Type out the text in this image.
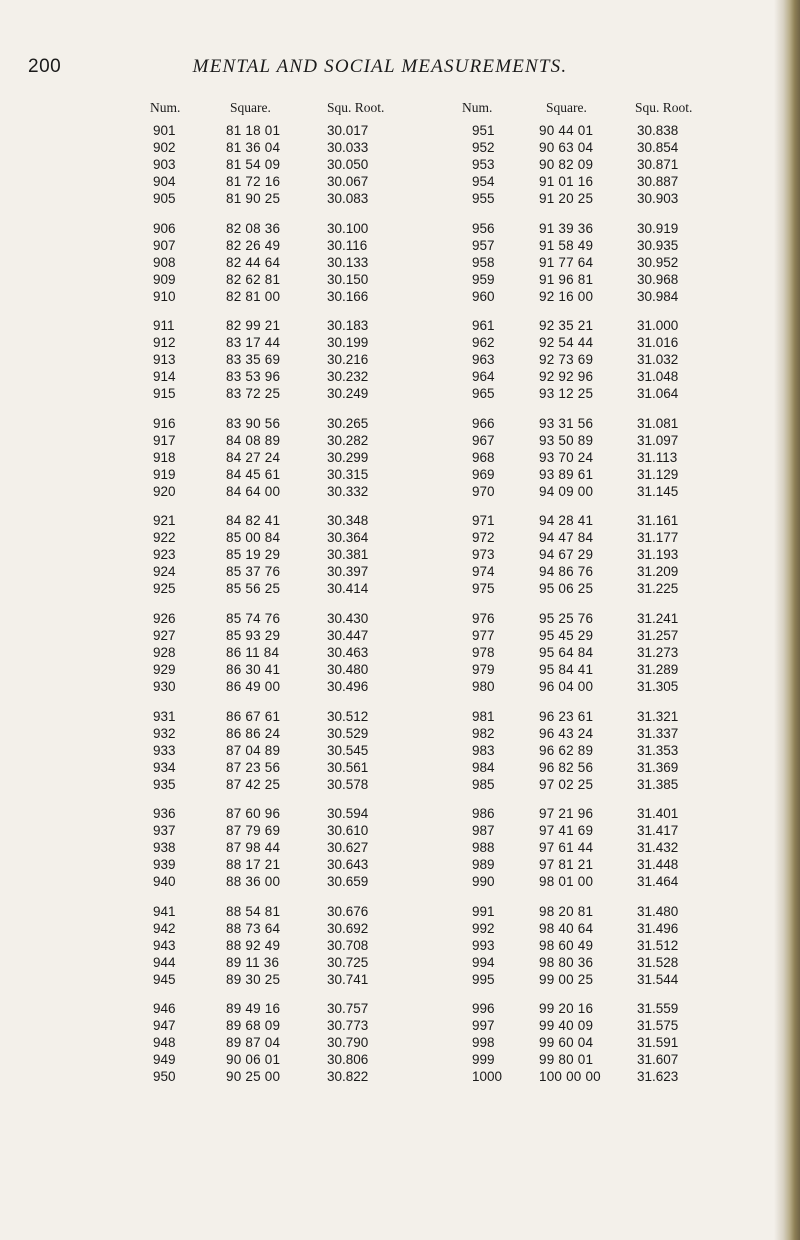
200	MENTAL AND SOCIAL MEASUREMENTS.
Num.	Square.	Squ. Root.	Num.	Square.	Squ. Root.
901	81 18 01	30.017	951	90 44 01	30.838
902	81 36 04	30.033	952	90 63 04	30.854
903	81 54 09	30.050	953	90 82 09	30.871
904	81 72 16	30.067	954	91 01 16	30.887
905	81 90 25	30.083	955	91 20 25	30.903
906	82 08 36	30.100	956	91 39 36	30.919
907	82 26 49	30.116	957	91 58 49	30.935
908	82 44 64	30.133	958	91 77 64	30.952
909	82 62 81	30.150	959	91 96 81	30.968
910	82 81 00	30.166	960	92 16 00	30.984
911	82 99 21	30.183	961	92 35 21	31.000
912	83 17 44	30.199	962	92 54 44	31.016
913	83 35 69	30.216	963	92 73 69	31.032
914	83 53 96	30.232	964	92 92 96	31.048
915	83 72 25	30.249	965	93 12 25	31.064
916	83 90 56	30.265	966	93 31 56	31.081
917	84 08 89	30.282	967	93 50 89	31.097
918	84 27 24	30.299	968	93 70 24	31.113
919	84 45 61	30.315	969	93 89 61	31.129
920	84 64 00	30.332	970	94 09 00	31.145
921	84 82 41	30.348	971	94 28 41	31.161
922	85 00 84	30.364	972	94 47 84	31.177
923	85 19 29	30.381	973	94 67 29	31.193
924	85 37 76	30.397	974	94 86 76	31.209
925	85 56 25	30.414	975	95 06 25	31.225
926	85 74 76	30.430	976	95 25 76	31.241
927	85 93 29	30.447	977	95 45 29	31.257
928	86 11 84	30.463	978	95 64 84	31.273
929	86 30 41	30.480	979	95 84 41	31.289
930	86 49 00	30.496	980	96 04 00	31.305
931	86 67 61	30.512	981	96 23 61	31.321
932	86 86 24	30.529	982	96 43 24	31.337
933	87 04 89	30.545	983	96 62 89	31.353
934	87 23 56	30.561	984	96 82 56	31.369
935	87 42 25	30.578	985	97 02 25	31.385
936	87 60 96	30.594	986	97 21 96	31.401
937	87 79 69	30.610	987	97 41 69	31.417
938	87 98 44	30.627	988	97 61 44	31.432
939	88 17 21	30.643	989	97 81 21	31.448
940	88 36 00	30.659	990	98 01 00	31.464
941	88 54 81	30.676	991	98 20 81	31.480
942	88 73 64	30.692	992	98 40 64	31.496
943	88 92 49	30.708	993	98 60 49	31.512
944	89 11 36	30.725	994	98 80 36	31.528
945	89 30 25	30.741	995	99 00 25	31.544
946	89 49 16	30.757	996	99 20 16	31.559
947	89 68 09	30.773	997	99 40 09	31.575
948	89 87 04	30.790	998	99 60 04	31.591
949	90 06 01	30.806	999	99 80 01	31.607
950	90 25 00	30.822	1000	100 00 00	31.623
